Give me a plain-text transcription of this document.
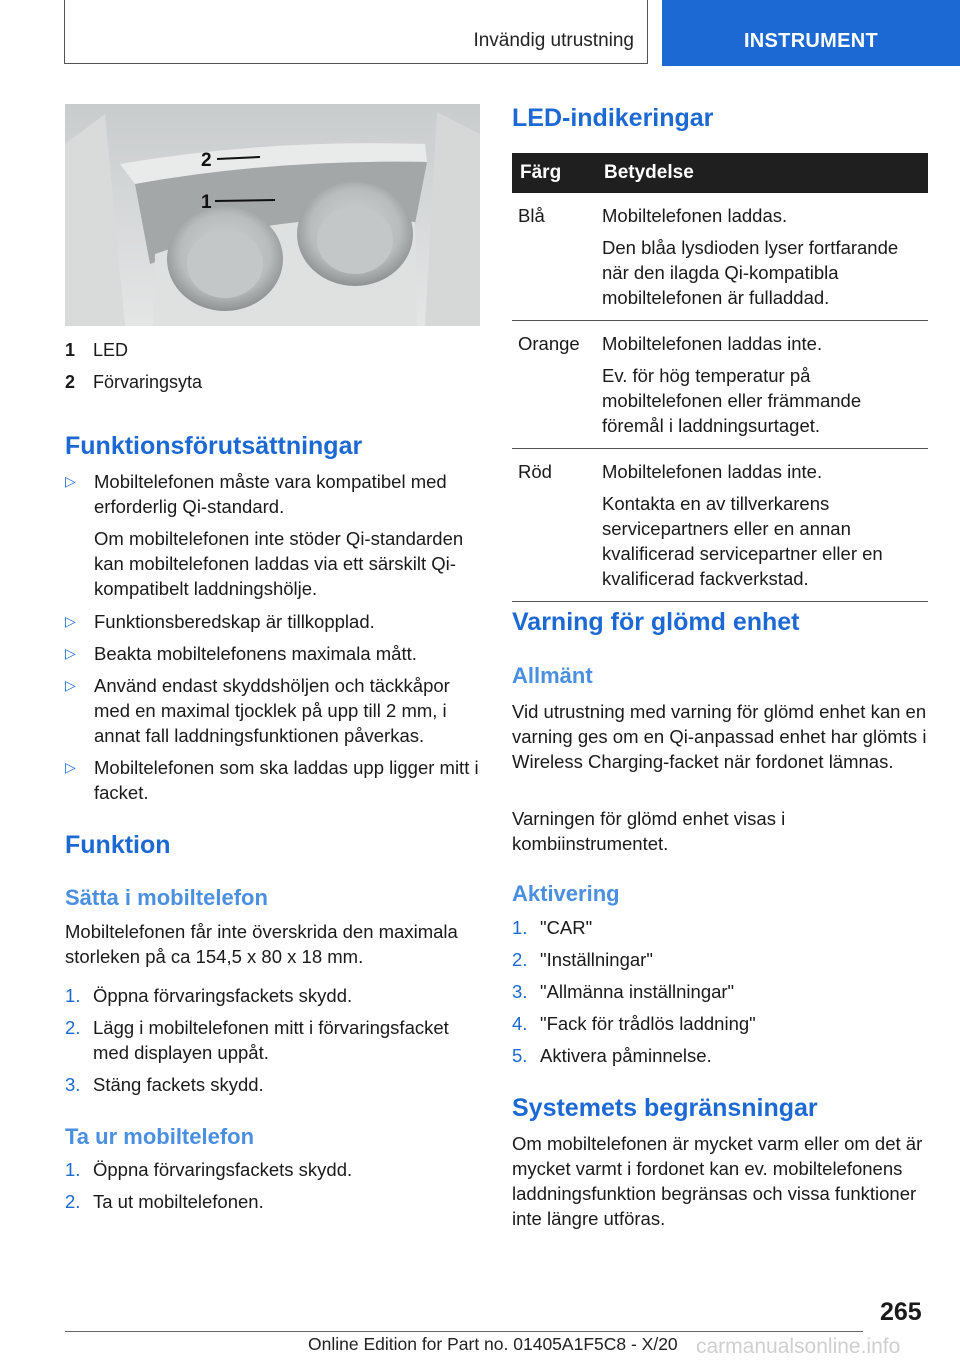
Invändig utrustning	INSTRUMENT
2
1
1 LED
2 Förvaringsyta
Funktionsförutsättningar
▷ Mobiltelefonen måste vara kompatibel med erforderlig Qi-standard.

Om mobiltelefonen inte stöder Qi-standarden kan mobiltelefonen laddas via ett särskilt Qi-kompatibelt laddningshölje.

▷ Funktionsberedskap är tillkopplad.

▷ Beakta mobiltelefonens maximala mått.

▷ Använd endast skyddshöljen och täckkåpor med en maximal tjocklek på upp till 2 mm, i annat fall laddningsfunktionen påverkas.

▷ Mobiltelefonen som ska laddas upp ligger mitt i facket.

Funktion
Sätta i mobiltelefon
Mobiltelefonen får inte överskrida den maximala storleken på ca 154,5 x 80 x 18 mm.
1. Öppna förvaringsfackets skydd.
2. Lägg i mobiltelefonen mitt i förvaringsfacket med displayen uppåt.
3. Stäng fackets skydd.
Ta ur mobiltelefon
1. Öppna förvaringsfackets skydd.
2. Ta ut mobiltelefonen.
LED-indikeringar
Färg	Betydelse
Blå	Mobiltelefonen laddas.

Den blåa lysdioden lyser fortfarande när den ilagda Qi-kompatibla mobiltelefonen är fulladdad.

Orange	Mobiltelefonen laddas inte.

Ev. för hög temperatur på mobiltelefonen eller främmande föremål i laddningsurtaget.

Röd	Mobiltelefonen laddas inte.

Kontakta en av tillverkarens servicepartners eller en annan kvalificerad servicepartner eller en kvalificerad fackverkstad.

Varning för glömd enhet
Allmänt
Vid utrustning med varning för glömd enhet kan en varning ges om en Qi-anpassad enhet har glömts i Wireless Charging-facket när fordonet lämnas.
Varningen för glömd enhet visas i kombiinstrumentet.
Aktivering
1. "CAR"
2. "Inställningar"
3. "Allmänna inställningar"
4. "Fack för trådlös laddning"
5. Aktivera påminnelse.
Systemets begränsningar
Om mobiltelefonen är mycket varm eller om det är mycket varmt i fordonet kan ev. mobiltelefonens laddningsfunktion begränsas och vissa funktioner inte längre utföras.
265
carmanualsonline.info
Online Edition for Part no. 01405A1F5C8 - X/20
